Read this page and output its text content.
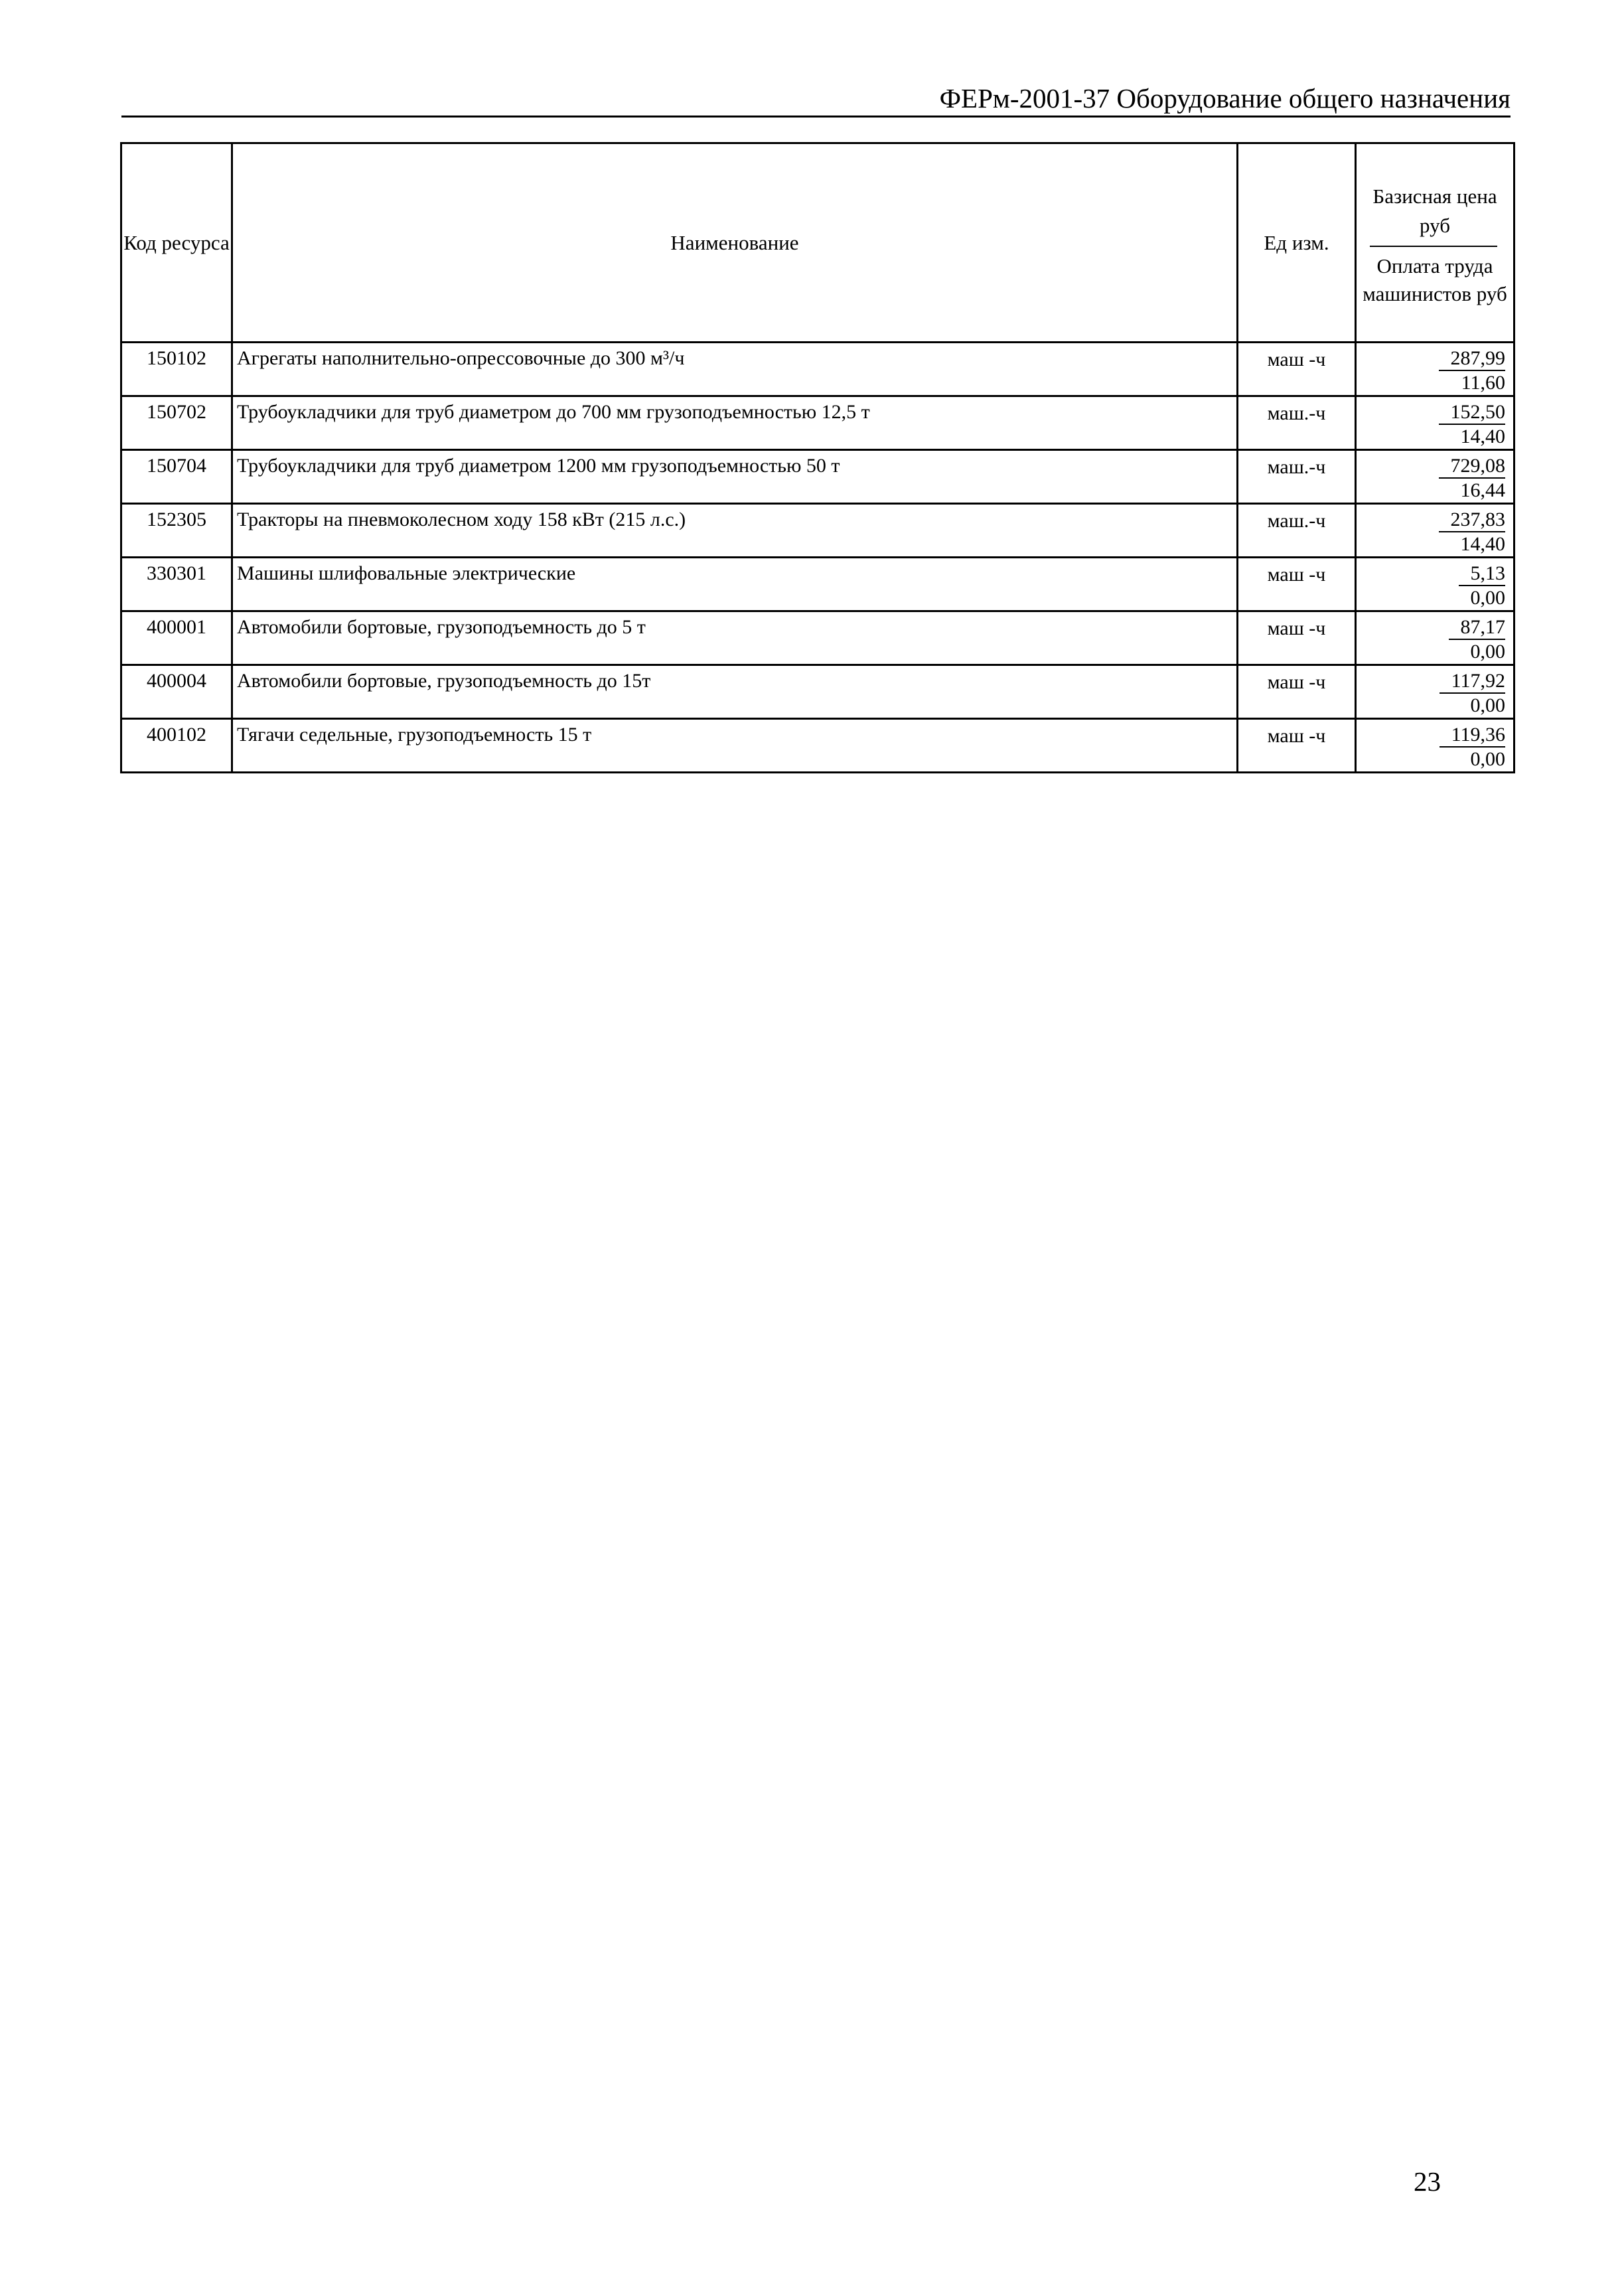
ФЕРм-2001-37 Оборудование общего назначения
Код ресурса	Наименование	Ед изм.	Базисная цена руб
Оплата труда машинистов руб

150102	Агрегаты наполнительно-опрессовочные до 300 м³/ч	маш -ч	287,99
11,60

150702	Трубоукладчики для труб диаметром до 700 мм грузоподъемностью 12,5 т	маш.-ч	152,50
14,40

150704	Трубоукладчики для труб диаметром 1200 мм грузоподъемностью 50 т	маш.-ч	729,08
16,44

152305	Тракторы на пневмоколесном ходу 158 кВт (215 л.с.)	маш.-ч	237,83
14,40

330301	Машины шлифовальные электрические	маш -ч	5,13
0,00

400001	Автомобили бортовые, грузоподъемность до 5 т	маш -ч	87,17
0,00

400004	Автомобили бортовые, грузоподъемность до 15т	маш -ч	117,92
0,00

400102	Тягачи седельные, грузоподъемность 15 т	маш -ч	119,36
0,00
23
